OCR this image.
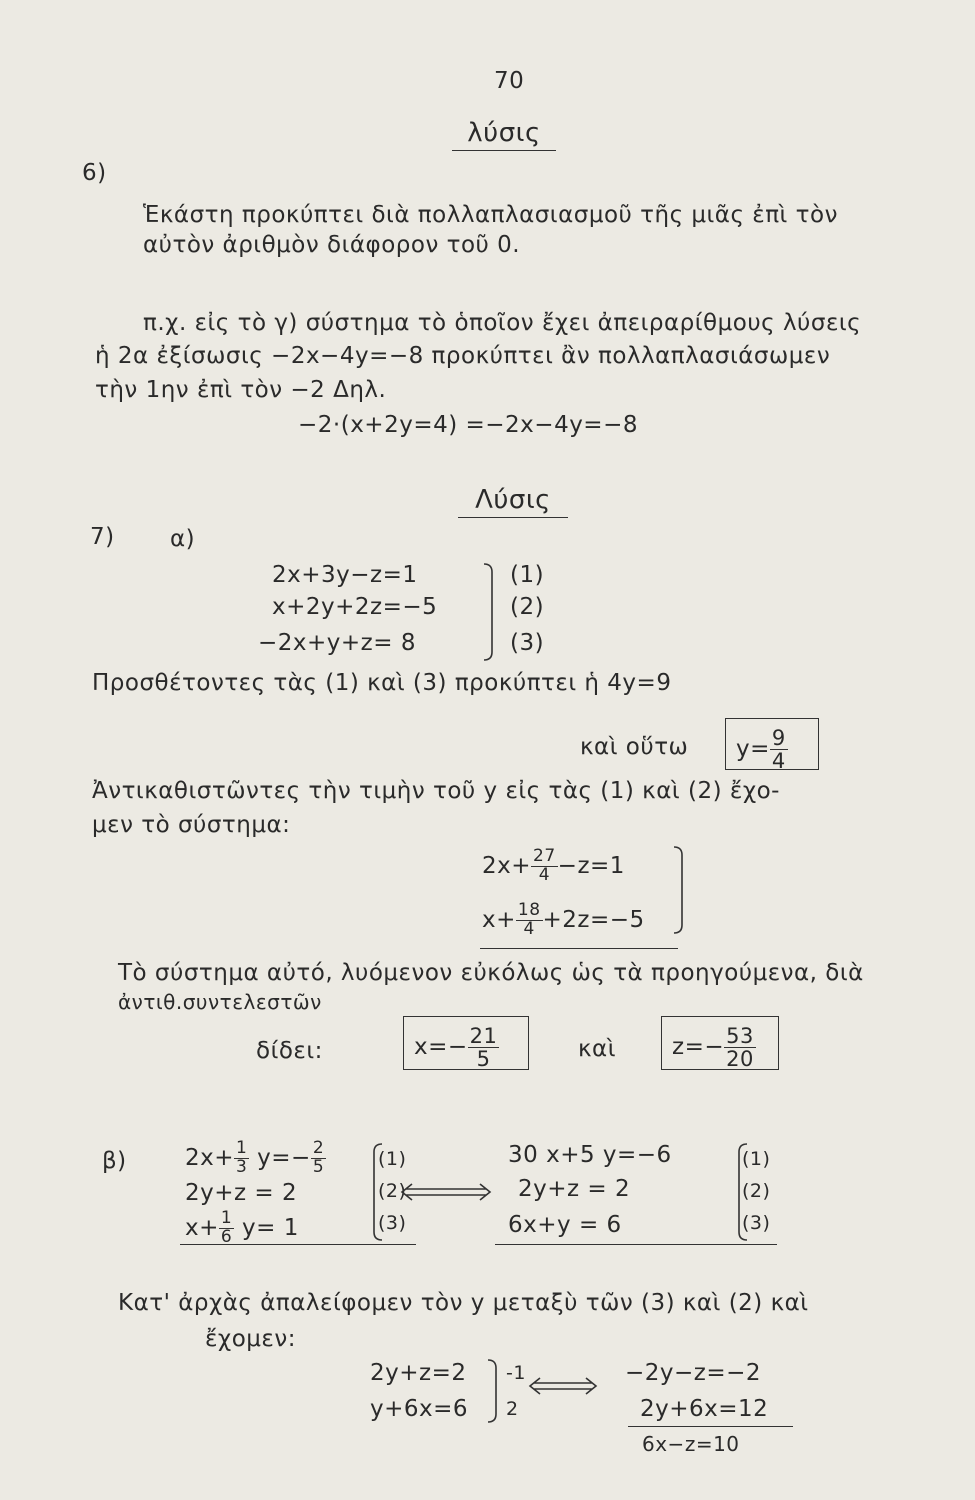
70
λύσις
6)
Ἑκάστη προκύπτει διὰ πολλαπλασιασμοῦ τῆς μιᾶς ἐπὶ τὸν
αὐτὸν ἀριθμὸν διάφορον τοῦ 0.
π.χ. εἰς τὸ γ) σύστημα τὸ ὁποῖον ἔχει ἀπειραρίθμους λύσεις
ἡ 2α ἐξίσωσις −2x−4y=−8 προκύπτει ἂν πολλαπλασιάσωμεν
τὴν 1ην ἐπὶ τὸν −2 Δηλ.
−2·(x+2y=4) =−2x−4y=−8
Λύσις
7) α)
2x+3y−z=1
x+2y+2z=−5
−2x+y+z= 8
(1)
(2)
(3)
Προσθέτοντες τὰς (1) καὶ (3) προκύπτει ἡ 4y=9
καὶ οὕτω $y= \frac{9}{4}$
Ἀντικαθιστῶντες τὴν τιμὴν τοῦ y εἰς τὰς (1) καὶ (2) ἔχο-
μεν τὸ σύστημα:
$2x+ \frac{27}{4} -z=1$
$x+ \frac{18}{4} +2z=-5$
Τὸ σύστημα αὐτό, λυόμενον εὐκόλως ὡς τὰ προηγούμενα, διὰ
ἀντιθ.συντελεστῶν
δίδει:	$x=- \frac{21}{5}$	καὶ $z=- \frac{53}{20}$
β)	$2x+ \frac{1}{3} y=- \frac{2}{5}$
2y+z = 2
$x+ \frac{1}{6} y= 1$
(1)
(2)
(3)
30 x+5 y=−6
2y+z = 2
6x+y = 6
(1)
(2)
(3)
Κατ' ἀρχὰς ἀπαλείφομεν τὸν y μεταξὺ τῶν (3) καὶ (2) καὶ
ἔχομεν:
2y+z=2
y+6x=6
-1
2
−2y−z=−2
2y+6x=12
6x−z=10
